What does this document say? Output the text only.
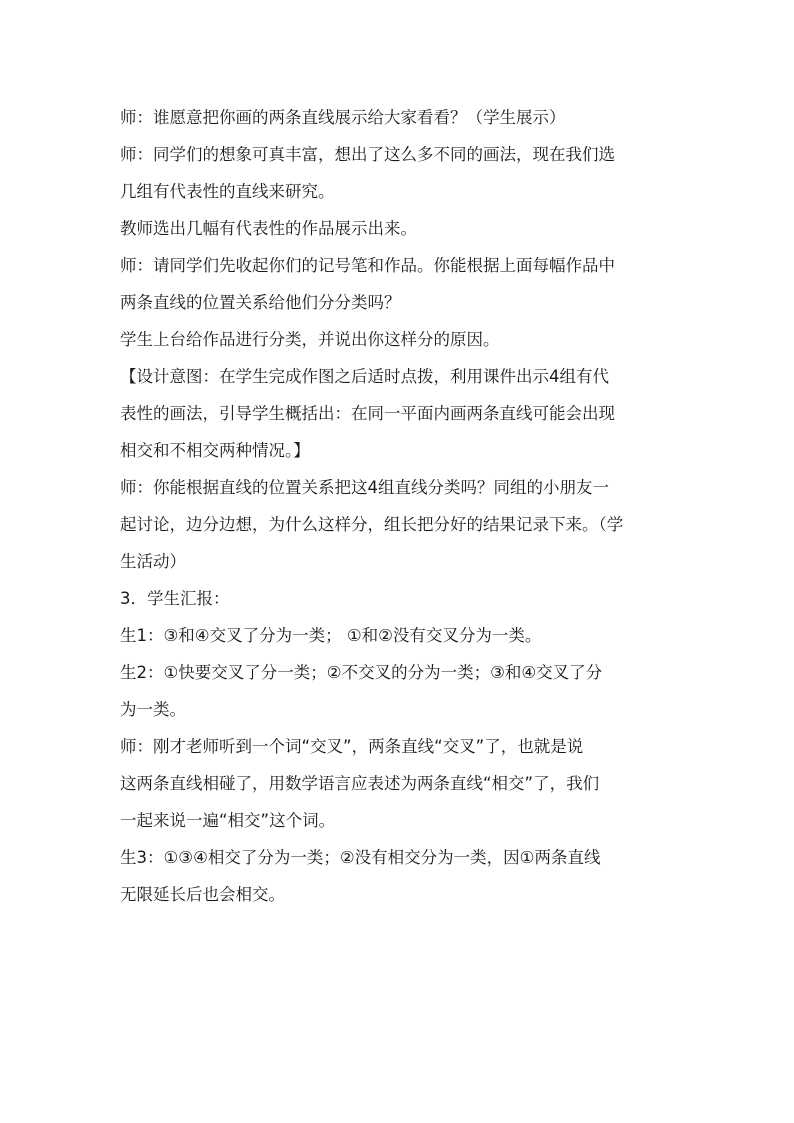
师：谁愿意把你画的两条直线展示给大家看看？（学生展示）

师：同学们的想象可真丰富，想出了这么多不同的画法，现在我们选

几组有代表性的直线来研究。

教师选出几幅有代表性的作品展示出来。

师：请同学们先收起你们的记号笔和作品。你能根据上面每幅作品中

两条直线的位置关系给他们分分类吗？

学生上台给作品进行分类，并说出你这样分的原因。

【设计意图：在学生完成作图之后适时点拨，利用课件出示4组有代

表性的画法，引导学生概括出：在同一平面内画两条直线可能会出现

相交和不相交两种情况。】

师：你能根据直线的位置关系把这4组直线分类吗？同组的小朋友一

起讨论，边分边想，为什么这样分，组长把分好的结果记录下来。（学

生活动）

3．学生汇报：

生1：③和④交叉了分为一类； ①和②没有交叉分为一类。

生2：①快要交叉了分一类；②不交叉的分为一类；③和④交叉了分

为一类。

师：刚才老师听到一个词“交叉”，两条直线“交叉”了，也就是说

这两条直线相碰了，用数学语言应表述为两条直线“相交”了，我们

一起来说一遍“相交”这个词。

生3：①③④相交了分为一类；②没有相交分为一类，因①两条直线

无限延长后也会相交。
